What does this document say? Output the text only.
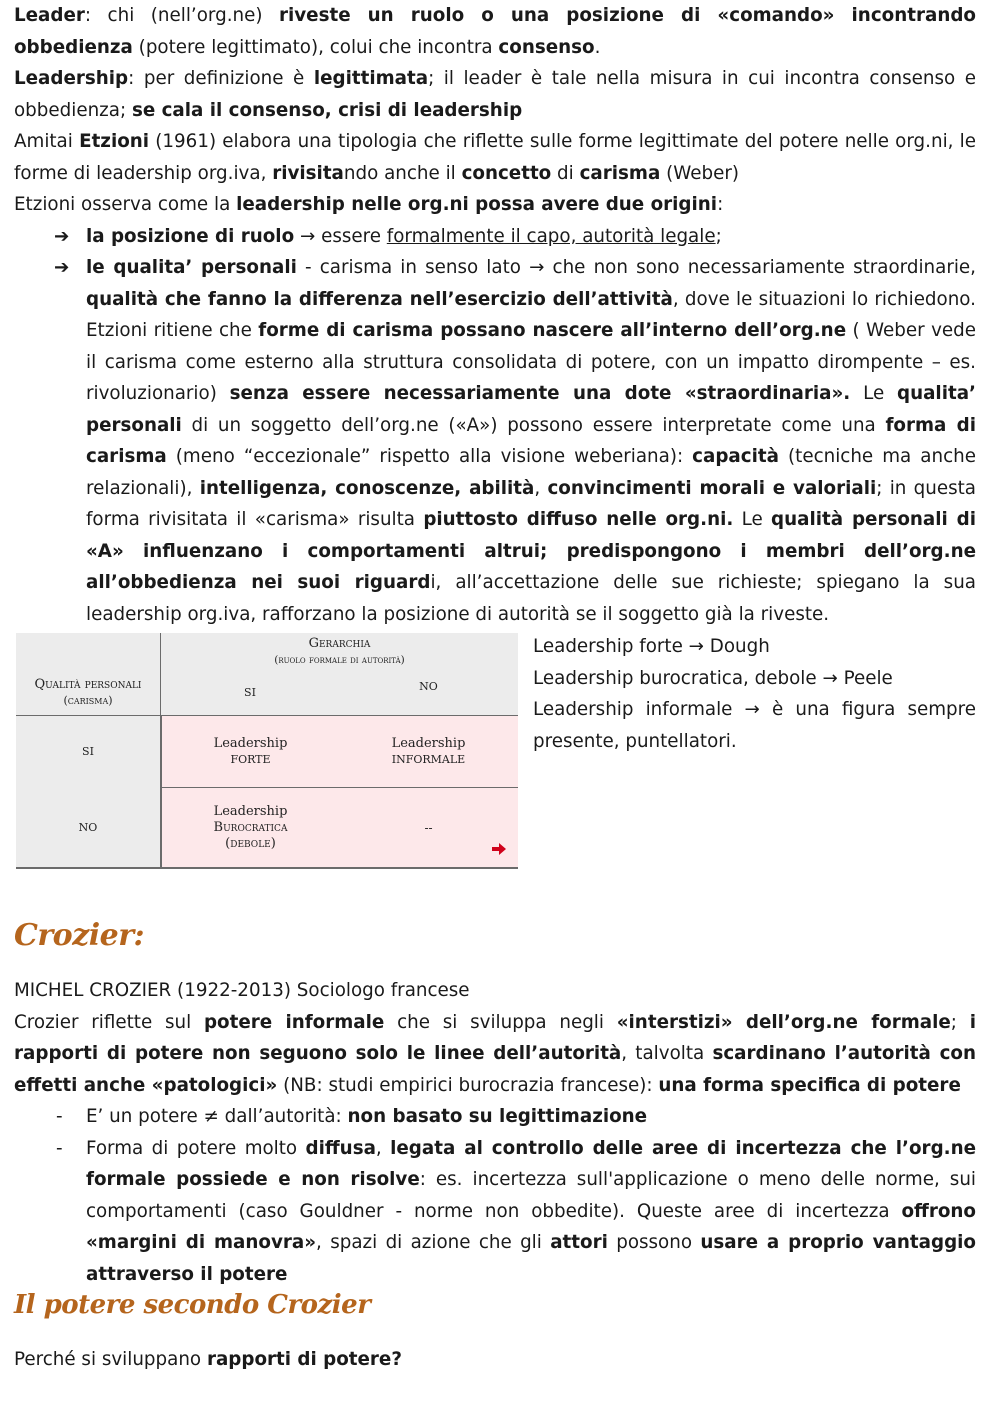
Leader: chi (nell’org.ne) riveste un ruolo o una posizione di «comando» incontrando obbedienza (potere legittimato), colui che incontra consenso.

Leadership: per definizione è legittimata; il leader è tale nella misura in cui incontra consenso e obbedienza; se cala il consenso, crisi di leadership

Amitai Etzioni (1961) elabora una tipologia che riflette sulle forme legittimate del potere nelle org.ni, le forme di leadership org.iva, rivisitando anche il concetto di carisma (Weber)

Etzioni osserva come la leadership nelle org.ni possa avere due origini:

➔ la posizione di ruolo → essere formalmente il capo, autorità legale;
➔ le qualita’ personali - carisma in senso lato → che non sono necessariamente straordinarie, qualità che fanno la differenza nell’esercizio dell’attività, dove le situazioni lo richiedono. Etzioni ritiene che forme di carisma possano nascere all’interno dell’org.ne ( Weber vede il carisma come esterno alla struttura consolidata di potere, con un impatto dirompente – es. rivoluzionario) senza essere necessariamente una dote «straordinaria». Le qualita’ personali di un soggetto dell’org.ne («A») possono essere interpretate come una forma di carisma (meno “eccezionale” rispetto alla visione weberiana): capacità (tecniche ma anche relazionali), intelligenza, conoscenze, abilità, convincimenti morali e valoriali; in questa forma rivisitata il «carisma» risulta piuttosto diffuso nelle org.ni. Le qualità personali di «A» influenzano i comportamenti altrui; predispongono i membri dell’org.ne all’obbedienza nei suoi riguardi, all’accettazione delle sue richieste; spiegano la sua leadership org.iva, rafforzano la posizione di autorità se il soggetto già la riveste.
Gerarchia
(ruolo formale di autorità)
Qualità personali
(carisma)
SI	NO
SI
Leadership
FORTE
Leadership
INFORMALE
NO
Leadership
Burocratica
(debole)
--

Leadership forte → Dough

Leadership burocratica, debole → Peele

Leadership informale → è una figura sempre presente, puntellatori.

Crozier:

MICHEL CROZIER (1922-2013) Sociologo francese

Crozier riflette sul potere informale che si sviluppa negli «interstizi» dell’org.ne formale; i rapporti di potere non seguono solo le linee dell’autorità, talvolta scardinano l’autorità con effetti anche «patologici» (NB: studi empirici burocrazia francese): una forma specifica di potere

- E’ un potere ≠ dall’autorità: non basato su legittimazione
- Forma di potere molto diffusa, legata al controllo delle aree di incertezza che l’org.ne formale possiede e non risolve: es. incertezza sull'applicazione o meno delle norme, sui comportamenti (caso Gouldner - norme non obbedite). Queste aree di incertezza offrono «margini di manovra», spazi di azione che gli attori possono usare a proprio vantaggio attraverso il potere
Il potere secondo Crozier

Perché si sviluppano rapporti di potere?
